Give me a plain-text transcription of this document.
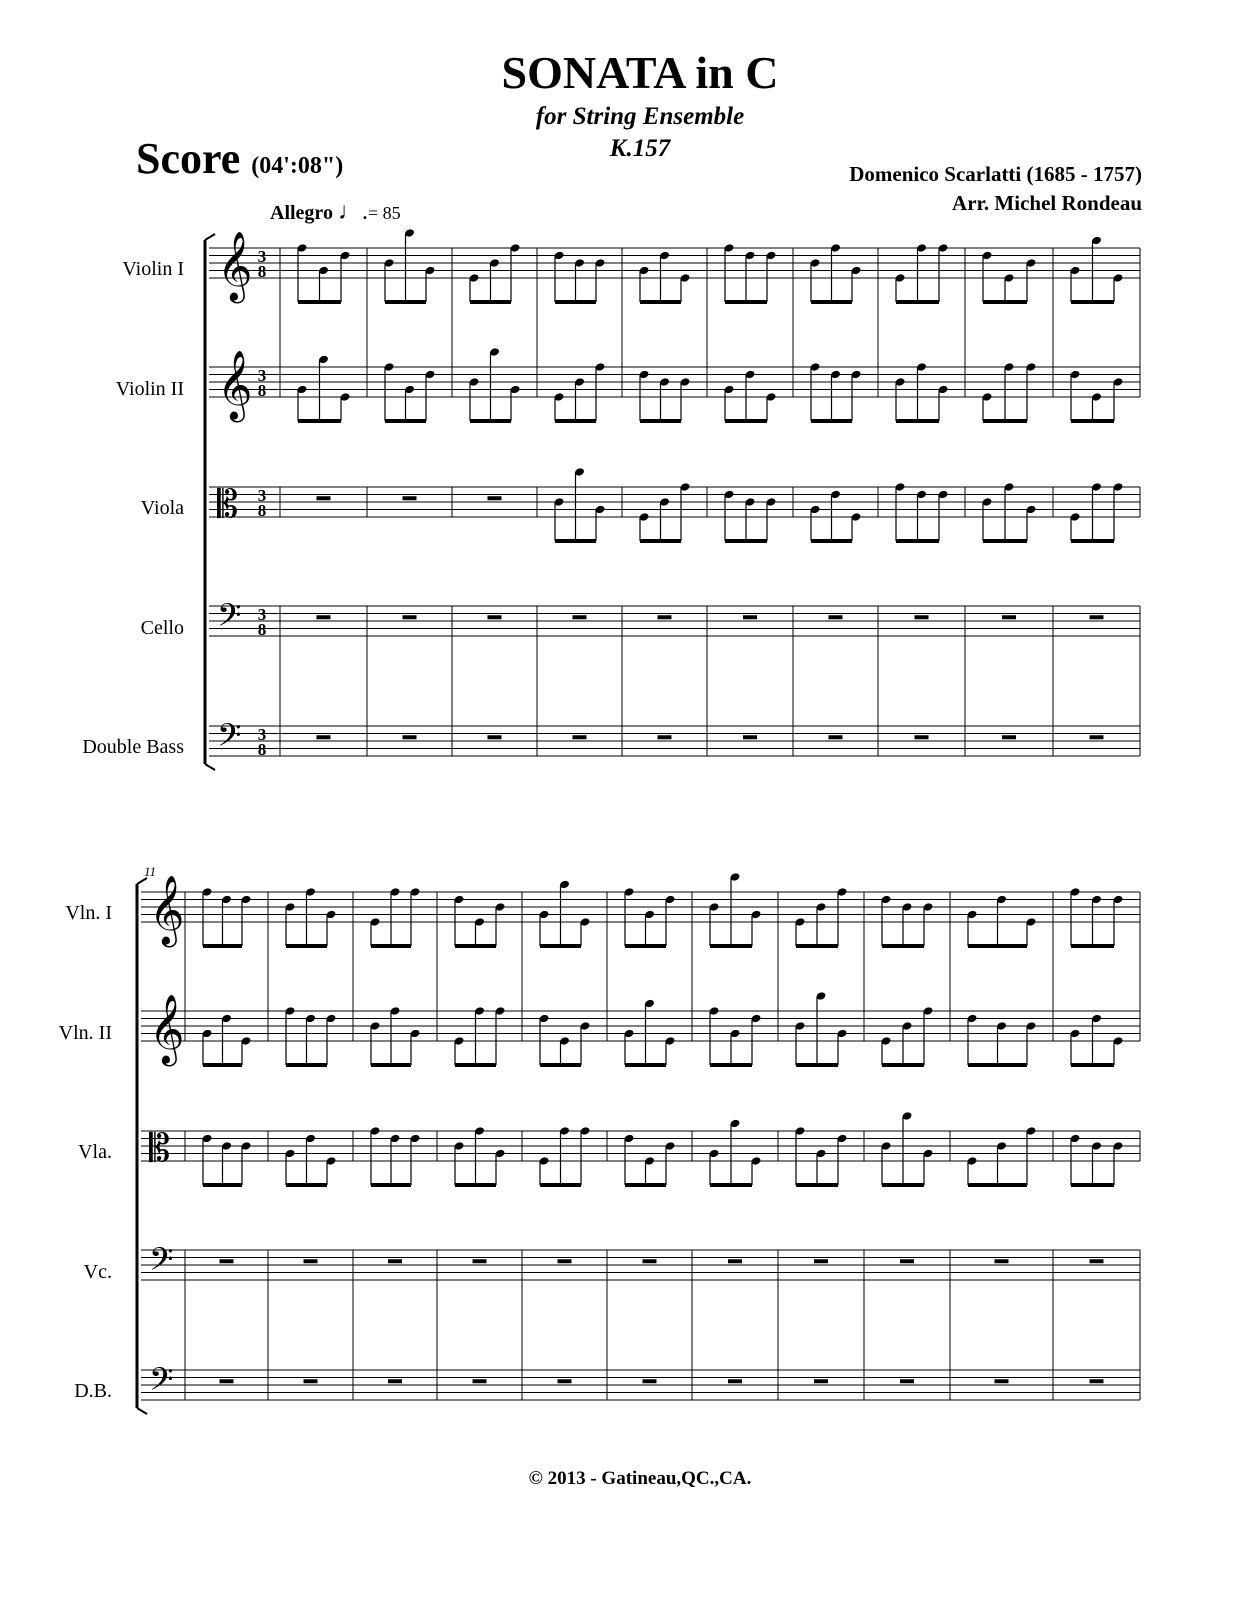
SONATA in C
for String Ensemble
K.157
Score (04':08")	Domenico Scarlatti (1685 - 1757)
Arr. Michel Rondeau
Allegro ♩.= 85
Violin I
Violin II
Viola
Cello
Double Bass
Vln. I
Vln. II
Vla.
Vc.
D.B.
𝄞 3
8
𝄞 3
8
𝄡 3
8
𝄢 3
8
𝄢 3
8
𝄞
𝄞
𝄡
𝄢
𝄢
11
© 2013 - Gatineau,QC.,CA.
